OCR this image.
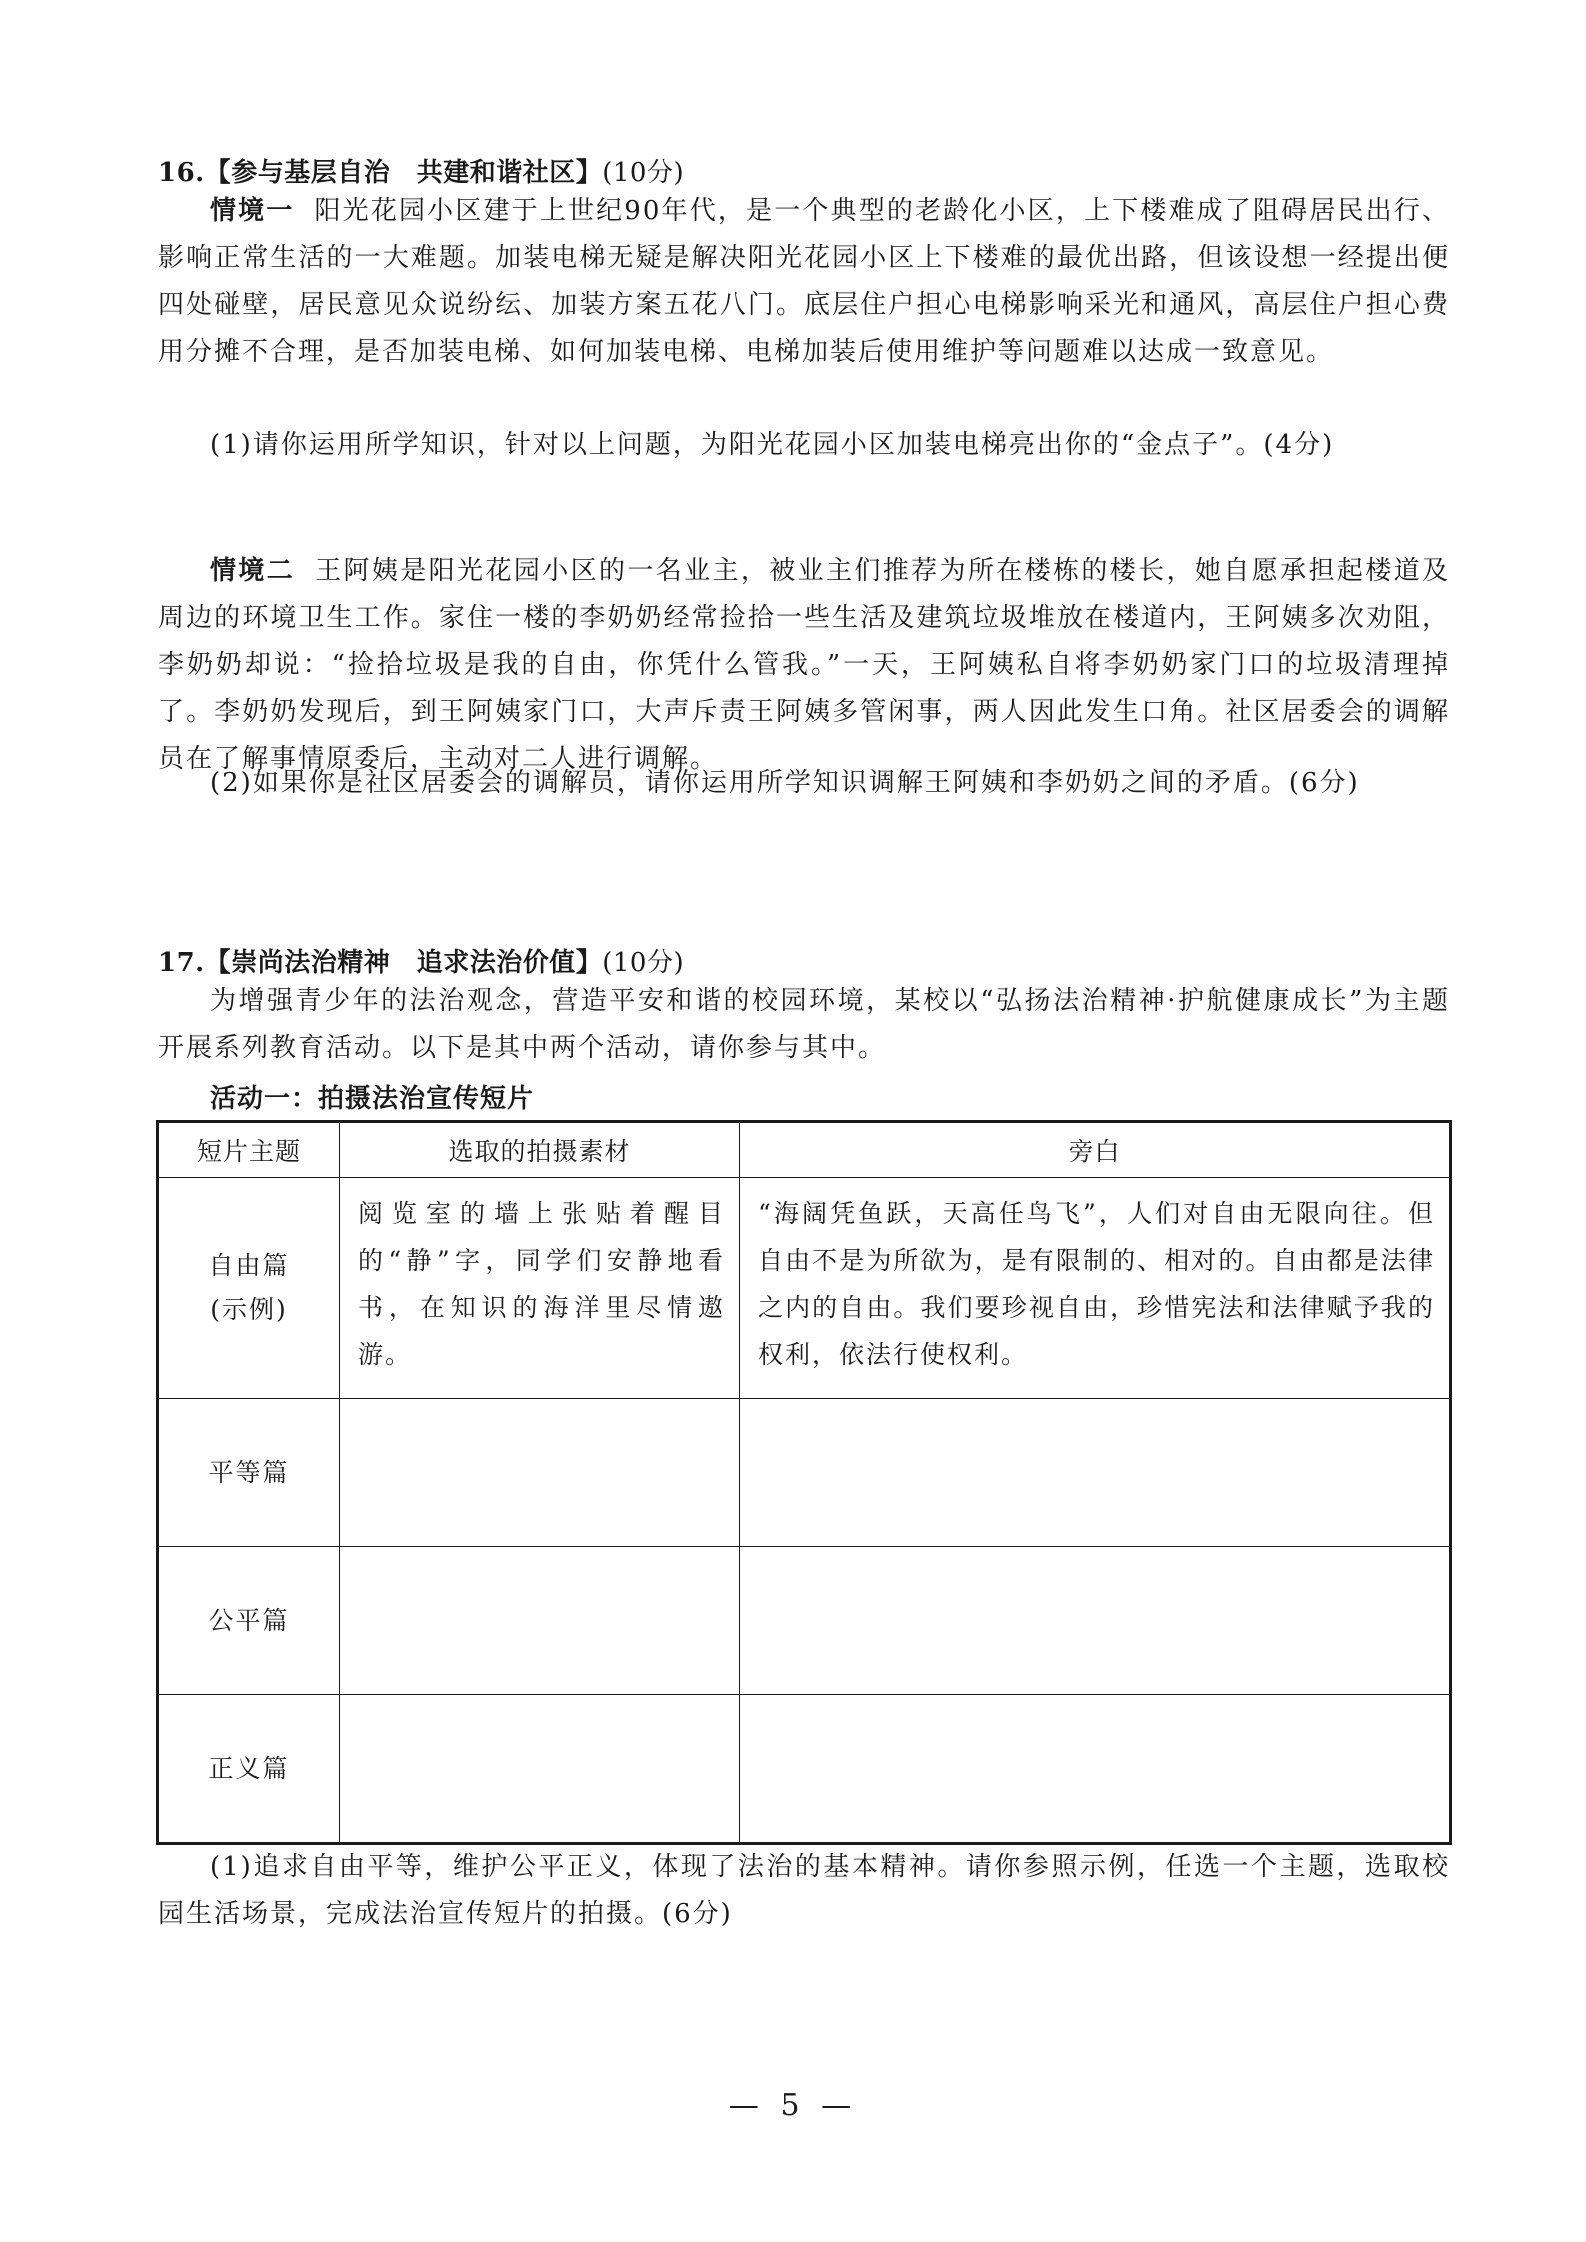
16.【参与基层自治　共建和谐社区】(10分)
情境一 阳光花园小区建于上世纪90年代，是一个典型的老龄化小区，上下楼难成了阻碍居民出行、影响正常生活的一大难题。加装电梯无疑是解决阳光花园小区上下楼难的最优出路，但该设想一经提出便四处碰壁，居民意见众说纷纭、加装方案五花八门。底层住户担心电梯影响采光和通风，高层住户担心费用分摊不合理，是否加装电梯、如何加装电梯、电梯加装后使用维护等问题难以达成一致意见。
(1)请你运用所学知识，针对以上问题，为阳光花园小区加装电梯亮出你的“金点子”。(4分)
情境二 王阿姨是阳光花园小区的一名业主，被业主们推荐为所在楼栋的楼长，她自愿承担起楼道及周边的环境卫生工作。家住一楼的李奶奶经常捡拾一些生活及建筑垃圾堆放在楼道内，王阿姨多次劝阻，李奶奶却说：“捡拾垃圾是我的自由，你凭什么管我。”一天，王阿姨私自将李奶奶家门口的垃圾清理掉了。李奶奶发现后，到王阿姨家门口，大声斥责王阿姨多管闲事，两人因此发生口角。社区居委会的调解员在了解事情原委后，主动对二人进行调解。
(2)如果你是社区居委会的调解员，请你运用所学知识调解王阿姨和李奶奶之间的矛盾。(6分)
17.【崇尚法治精神　追求法治价值】(10分)
为增强青少年的法治观念，营造平安和谐的校园环境，某校以“弘扬法治精神·护航健康成长”为主题开展系列教育活动。以下是其中两个活动，请你参与其中。
活动一：拍摄法治宣传短片
短片主题	选取的拍摄素材	旁白

自由篇
(示例)	阅览室的墙上张贴着醒目的“静”字，同学们安静地看书，在知识的海洋里尽情遨游。	“海阔凭鱼跃，天高任鸟飞”，人们对自由无限向往。但自由不是为所欲为，是有限制的、相对的。自由都是法律之内的自由。我们要珍视自由，珍惜宪法和法律赋予我的权利，依法行使权利。
平等篇		
公平篇		
正义篇		
(1)追求自由平等，维护公平正义，体现了法治的基本精神。请你参照示例，任选一个主题，选取校园生活场景，完成法治宣传短片的拍摄。(6分)
— 5 —
